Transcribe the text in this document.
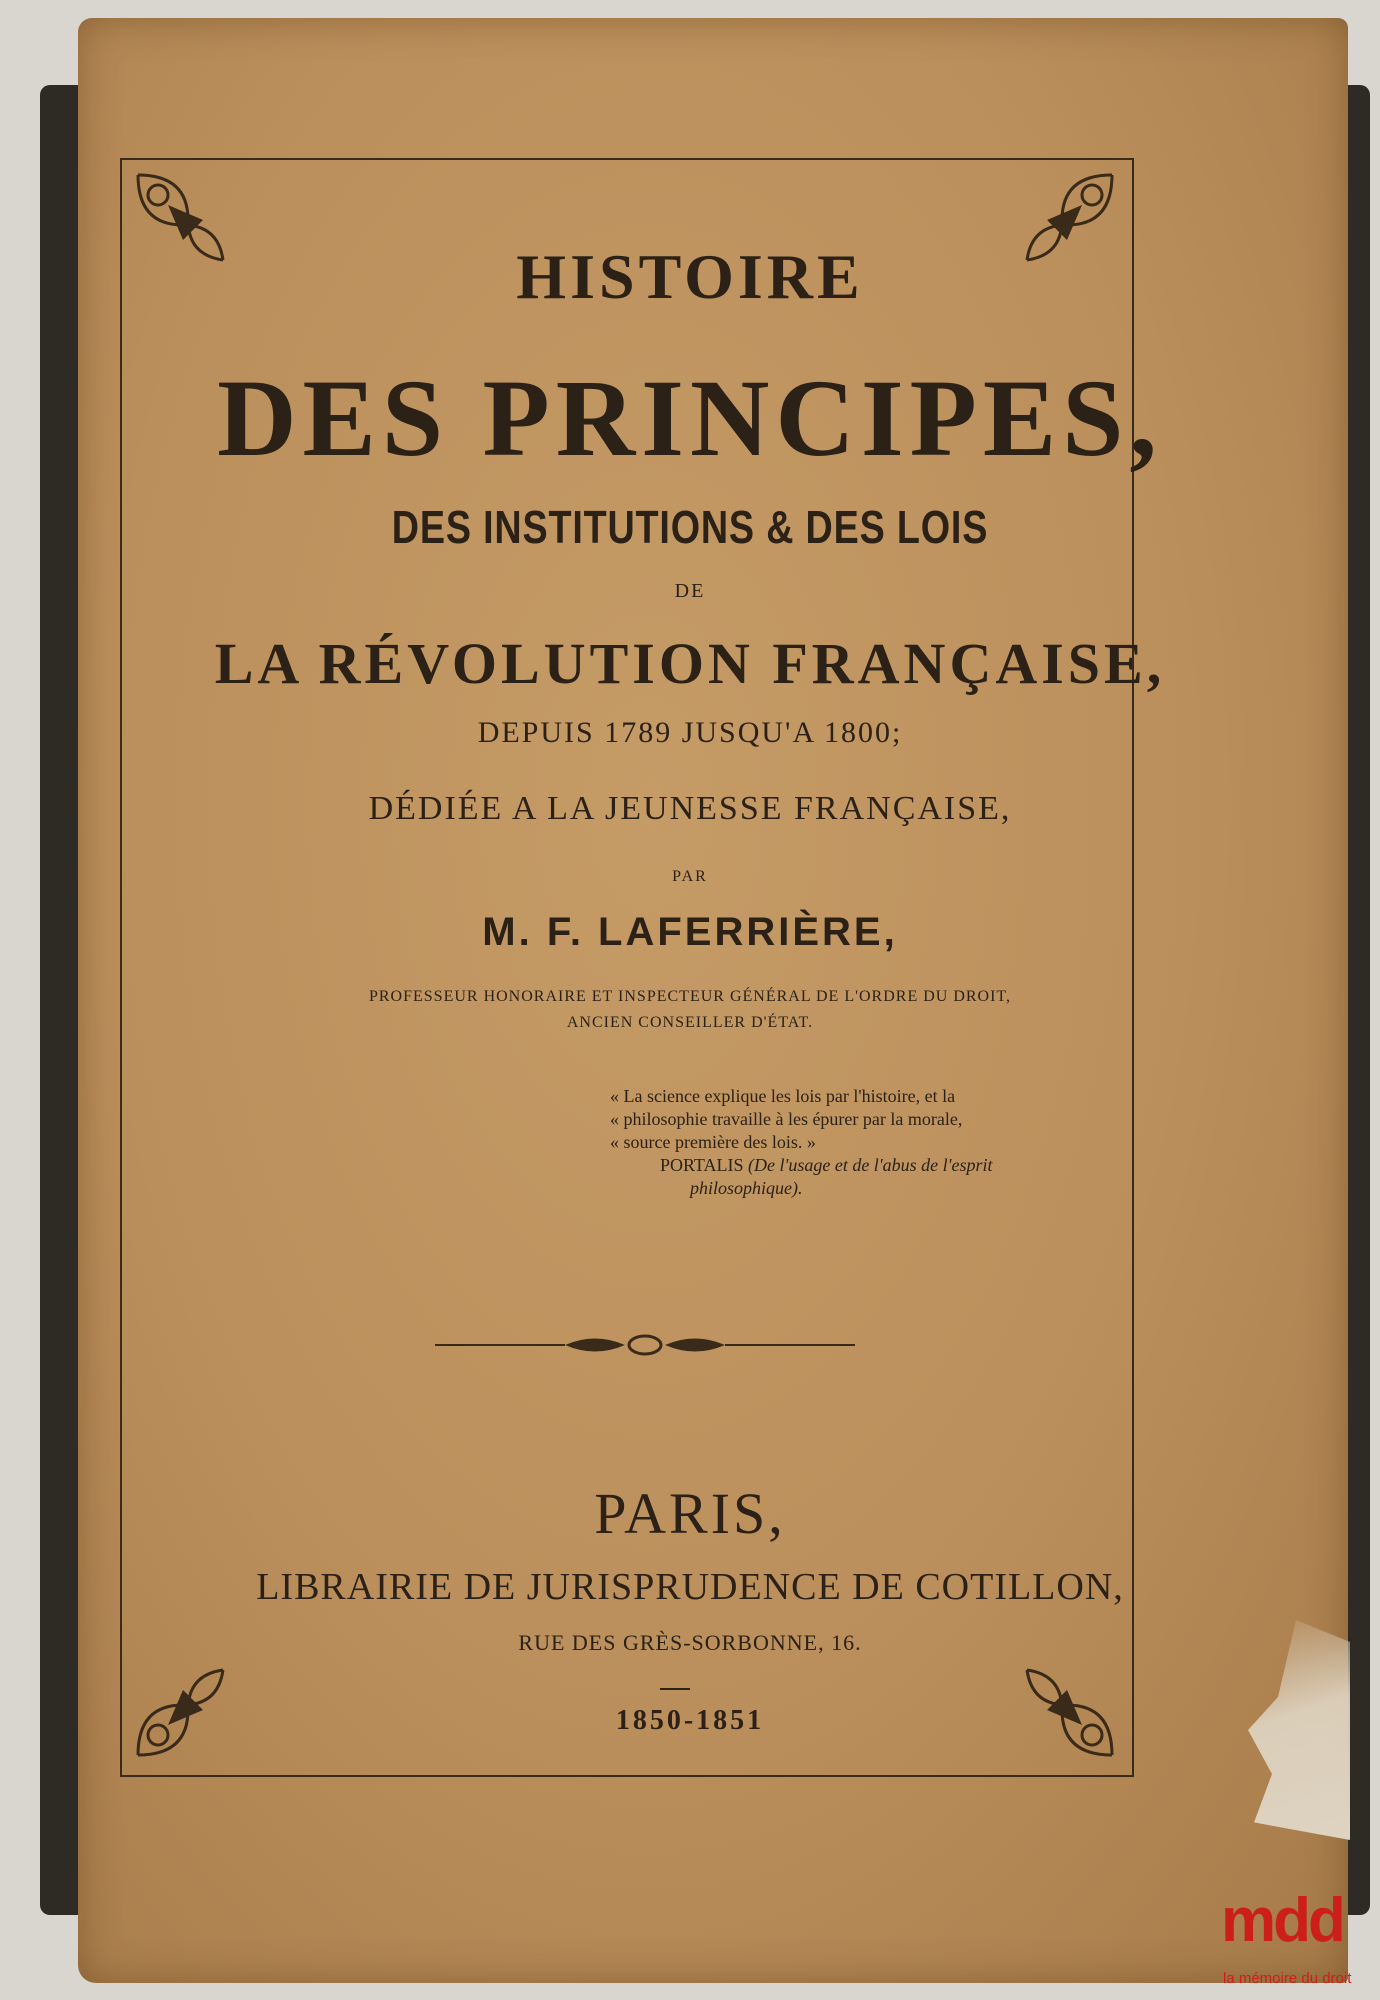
HISTOIRE
DES PRINCIPES,
DES INSTITUTIONS & DES LOIS
DE
LA RÉVOLUTION FRANÇAISE,
DEPUIS 1789 JUSQU'A 1800;
DÉDIÉE A LA JEUNESSE FRANÇAISE,
PAR
M. F. LAFERRIÈRE,
PROFESSEUR HONORAIRE ET INSPECTEUR GÉNÉRAL DE L'ORDRE DU DROIT,
ANCIEN CONSEILLER D'ÉTAT.
« La science explique les lois par l'histoire, et la
« philosophie travaille à les épurer par la morale,
« source première des lois. »
PORTALIS (De l'usage et de l'abus de l'esprit
philosophique).
PARIS,
LIBRAIRIE DE JURISPRUDENCE DE COTILLON,
RUE DES GRÈS-SORBONNE, 16.
1850-1851
mdd
la mémoire du droit
